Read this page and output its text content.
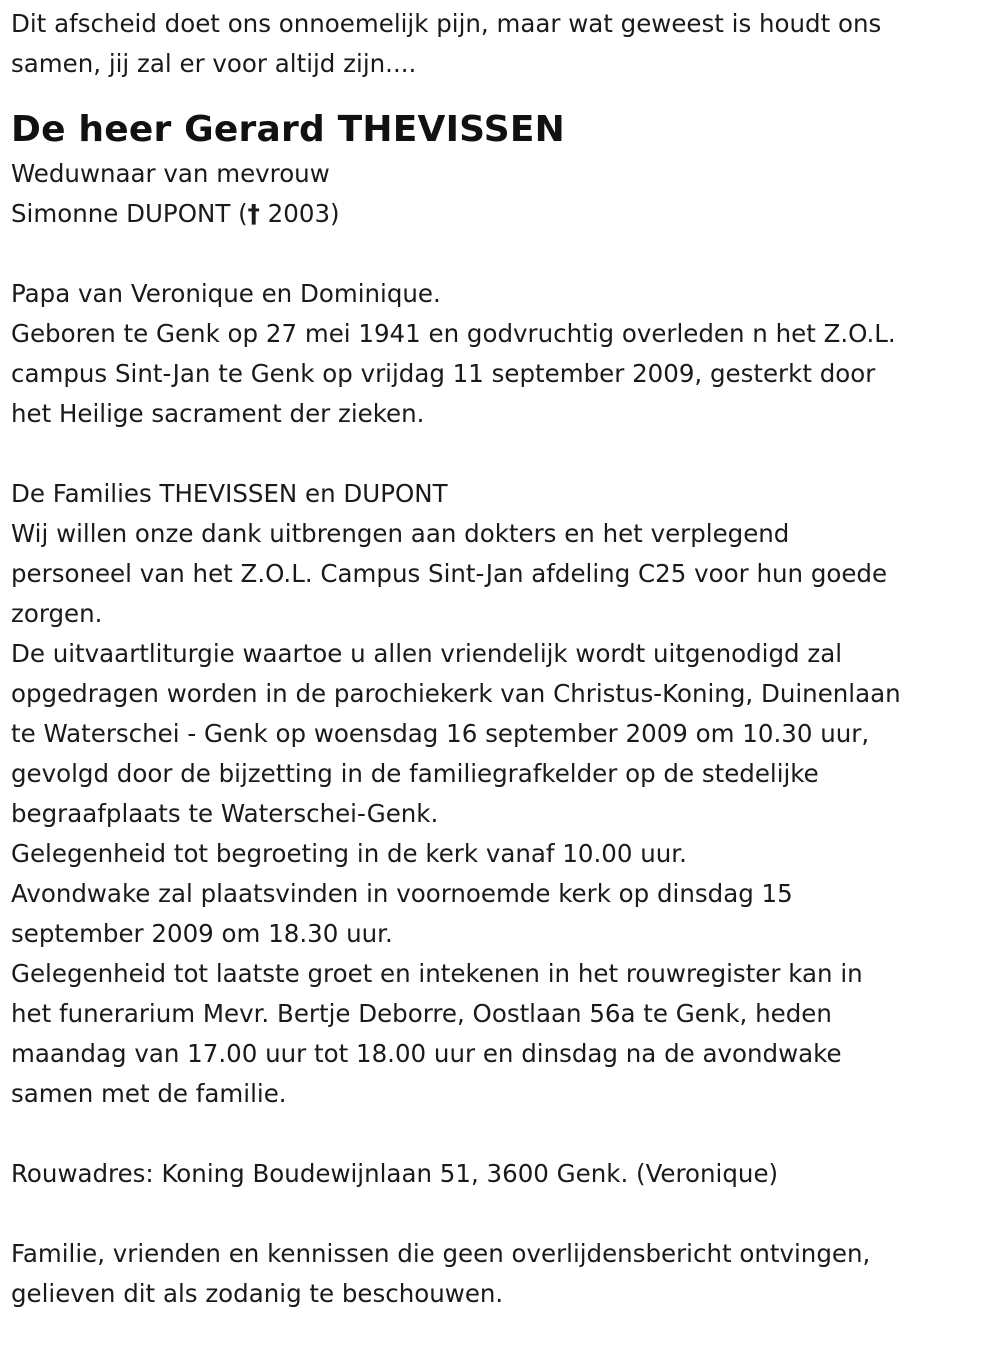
Dit afscheid doet ons onnoemelijk pijn, maar wat geweest is houdt ons

samen, jij zal er voor altijd zijn....

De heer Gerard THEVISSEN

Weduwnaar van mevrouw

Simonne DUPONT († 2003)

Papa van Veronique en Dominique.

Geboren te Genk op 27 mei 1941 en godvruchtig overleden n het Z.O.L.

campus Sint-Jan te Genk op vrijdag 11 september 2009, gesterkt door

het Heilige sacrament der zieken.

De Families THEVISSEN en DUPONT

Wij willen onze dank uitbrengen aan dokters en het verplegend

personeel van het Z.O.L. Campus Sint-Jan afdeling C25 voor hun goede

zorgen.

De uitvaartliturgie waartoe u allen vriendelijk wordt uitgenodigd zal

opgedragen worden in de parochiekerk van Christus-Koning, Duinenlaan

te Waterschei - Genk op woensdag 16 september 2009 om 10.30 uur,

gevolgd door de bijzetting in de familiegrafkelder op de stedelijke

begraafplaats te Waterschei-Genk.

Gelegenheid tot begroeting in de kerk vanaf 10.00 uur.

Avondwake zal plaatsvinden in voornoemde kerk op dinsdag 15

september 2009 om 18.30 uur.

Gelegenheid tot laatste groet en intekenen in het rouwregister kan in

het funerarium Mevr. Bertje Deborre, Oostlaan 56a te Genk, heden

maandag van 17.00 uur tot 18.00 uur en dinsdag na de avondwake

samen met de familie.

Rouwadres: Koning Boudewijnlaan 51, 3600 Genk. (Veronique)

Familie, vrienden en kennissen die geen overlijdensbericht ontvingen,

gelieven dit als zodanig te beschouwen.
